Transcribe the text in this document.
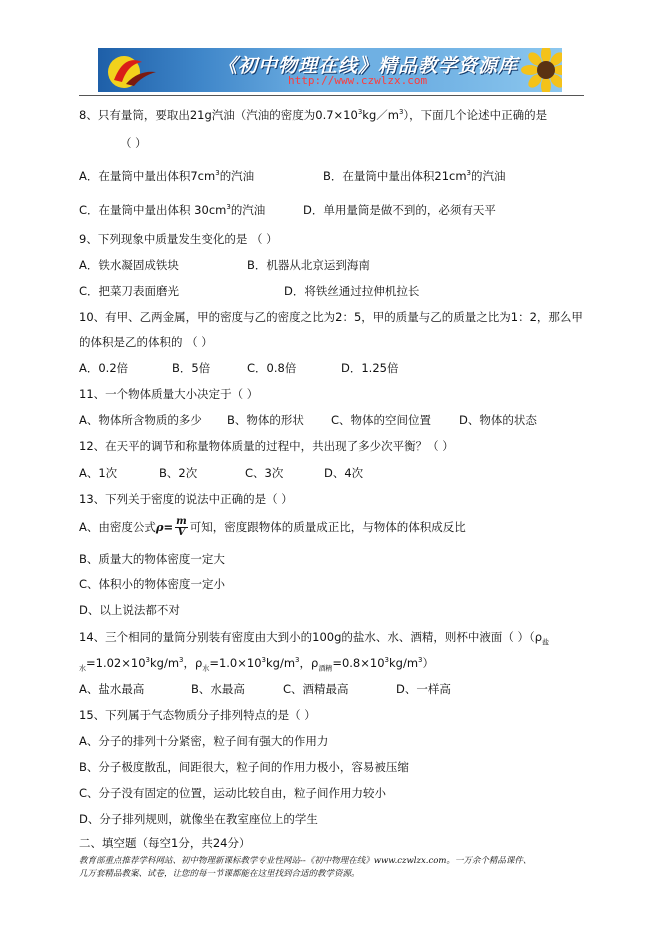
《初中物理在线》精品教学资源库
http://www.czwlzx.com
8、只有量筒，要取出21g汽油（汽油的密度为$0.7\times 10^3kg/m^3$），下面几个论述中正确的是
（ ）
A．在量筒中量出体积$7cm^3$的汽油	B．在量筒中量出体积$21cm^3$的汽油
C．在量筒中量出体积 $30cm^3$的汽油	D．单用量筒是做不到的，必须有天平
9、下列现象中质量发生变化的是 （ ）
A．铁水凝固成铁块	B．机器从北京运到海南
C．把菜刀表面磨光	D．将铁丝通过拉伸机拉长
10、有甲、乙两金属，甲的密度与乙的密度之比为2：5，甲的质量与乙的质量之比为1：2，那么甲
的体积是乙的体积的 （ ）
A．0.2倍	B．5倍	C．0.8倍	D．1.25倍
11、一个物体质量大小决定于（ ）
A、物体所含物质的多少 B、物体的形状 C、物体的空间位置 D、物体的状态
12、在天平的调节和称量物体质量的过程中，共出现了多少次平衡？（ ）
A、1次	B、2次	C、3次	D、4次
13、下列关于密度的说法中正确的是（ ）
A、由密度公式$\rho= \frac{m}{V}$ 可知，密度跟物体的质量成正比，与物体的体积成反比
B、质量大的物体密度一定大
C、体积小的物体密度一定小
D、以上说法都不对
14、三个相同的量筒分别装有密度由大到小的100g的盐水、水、酒精，则杯中液面（ ）（$\rho_盐$
$_水=1.02\times 10^3kg/m^3$，$\rho_水=1.0\times 10^3kg/m^3$，$\rho_{酒精}=0.8\times 10^3kg/m^3$）
A、盐水最高	B、水最高	C、酒精最高	D、一样高
15、下列属于气态物质分子排列特点的是（ ）
A、分子的排列十分紧密，粒子间有强大的作用力
B、分子极度散乱，间距很大，粒子间的作用力极小，容易被压缩
C、分子没有固定的位置，运动比较自由，粒子间作用力较小
D、分子排列规则，就像坐在教室座位上的学生
二、填空题（每空1分，共24分）
教育部重点推荐学科网站、初中物理新课标教学专业性网站--《初中物理在线》www.czwlzx.com。一万余个精品课件、
几万套精品教案、试卷，让您的每一节课都能在这里找到合适的教学资源。
